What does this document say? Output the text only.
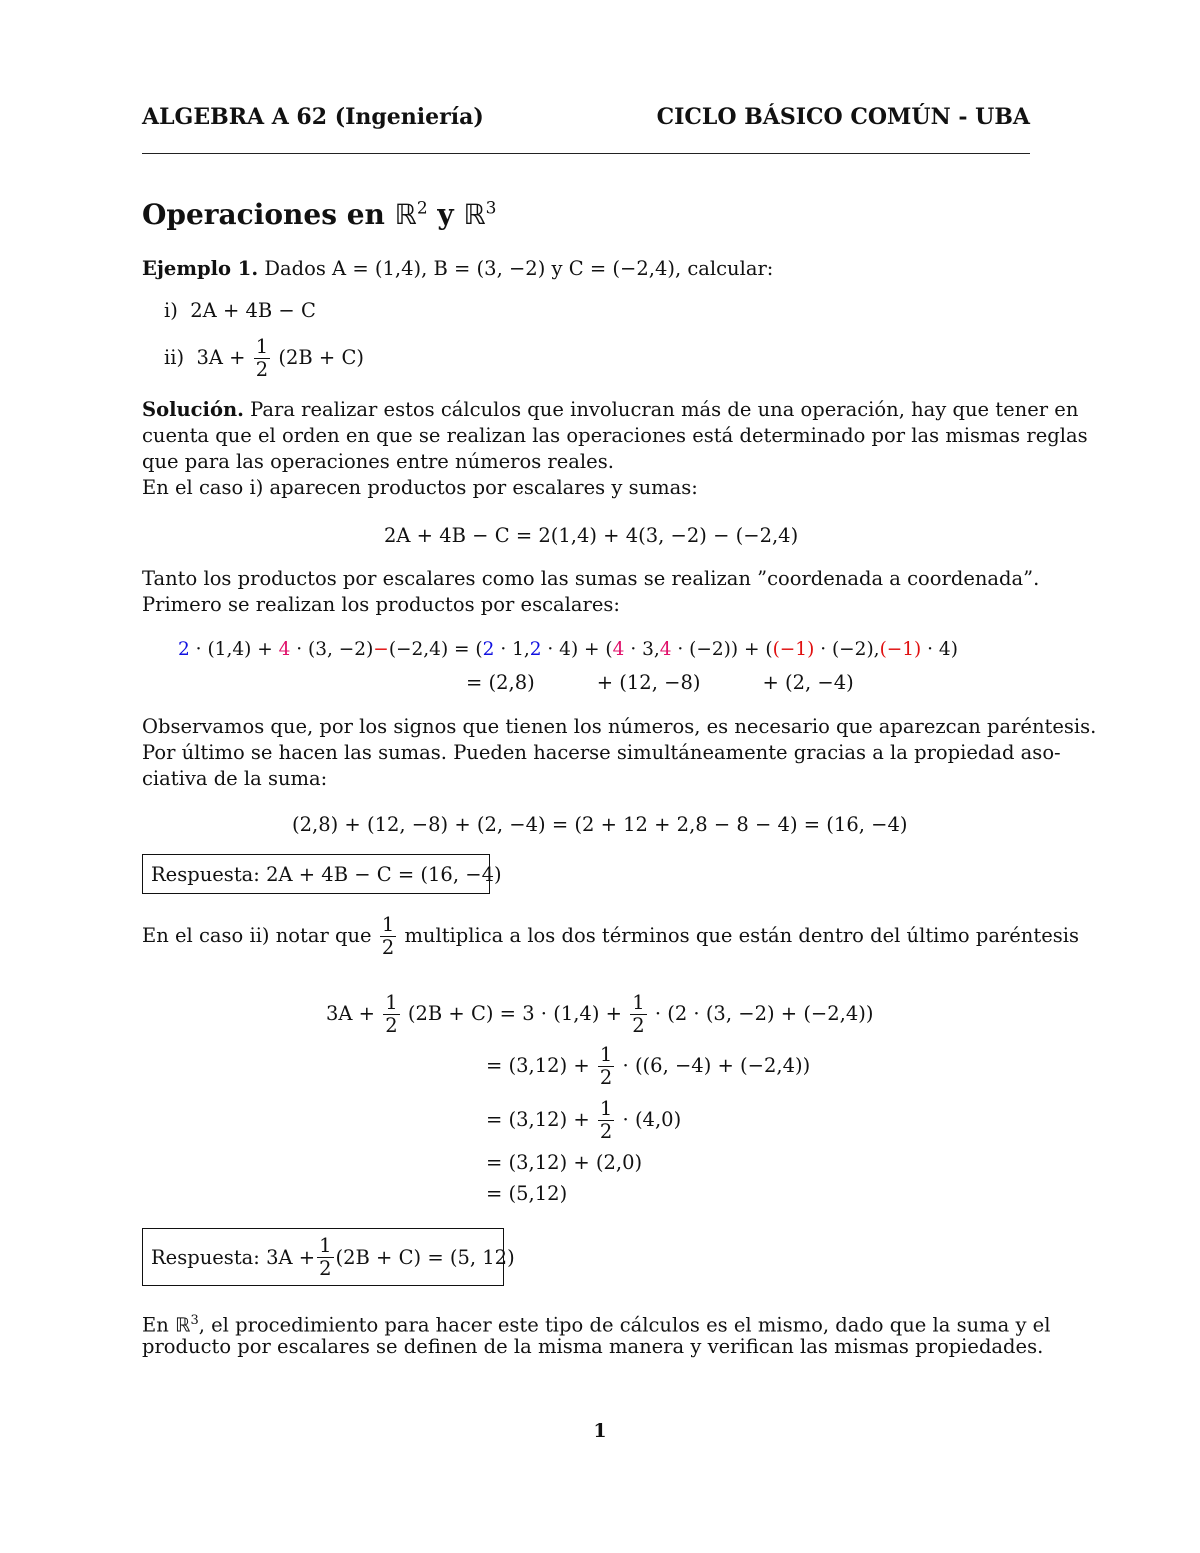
ALGEBRA A 62 (Ingeniería)	CICLO BÁSICO COMÚN - UBA
Operaciones en ℝ$^2$ y ℝ$^3$
Ejemplo 1. Dados A = (1,4), B = (3, −2) y C = (−2,4), calcular:
i) 2A + 4B − C
ii) $3A + \frac{1}{2} (2B + C)$
Solución. Para realizar estos cálculos que involucran más de una operación, hay que tener en
cuenta que el orden en que se realizan las operaciones está determinado por las mismas reglas
que para las operaciones entre números reales.
En el caso i) aparecen productos por escalares y sumas:
2A + 4B − C = 2(1,4) + 4(3, −2) − (−2,4)
Tanto los productos por escalares como las sumas se realizan ”coordenada a coordenada”.
Primero se realizan los productos por escalares:
2 · (1,4) + 4 · (3, −2)−(−2,4) = (2 · 1,2 · 4) + (4 · 3,4 · (−2)) + ((−1) · (−2),(−1) · 4)
= (2,8)          + (12, −8)          + (2, −4)
Observamos que, por los signos que tienen los números, es necesario que aparezcan paréntesis.
Por último se hacen las sumas. Pueden hacerse simultáneamente gracias a la propiedad aso-
ciativa de la suma:
(2,8) + (12, −8) + (2, −4) = (2 + 12 + 2,8 − 8 − 4) = (16, −4)
Respuesta:
2A + 4B − C = (16, −4)
En el caso ii) notar que $\frac{1}{2}$ multiplica a los dos términos que están dentro del último paréntesis
$3A + \frac{1}{2} (2B + C) = 3 \cdot (1,4) + \frac{1}{2} \cdot (2 \cdot (3$, −2) + (−2,4))
= $(3,12) + \frac{1}{2} \cdot ((6$, −4) + (−2,4))
= $(3,12) + \frac{1}{2} \cdot (4,0)$
= (3,12) + (2,0)
= (5,12)
Respuesta:
$3A + \frac{1}{2} (2B + C) = (5$, 12)
En ℝ$^3$, el procedimiento para hacer este tipo de cálculos es el mismo, dado que la suma y el
producto por escalares se definen de la misma manera y verifican las mismas propiedades.
1
